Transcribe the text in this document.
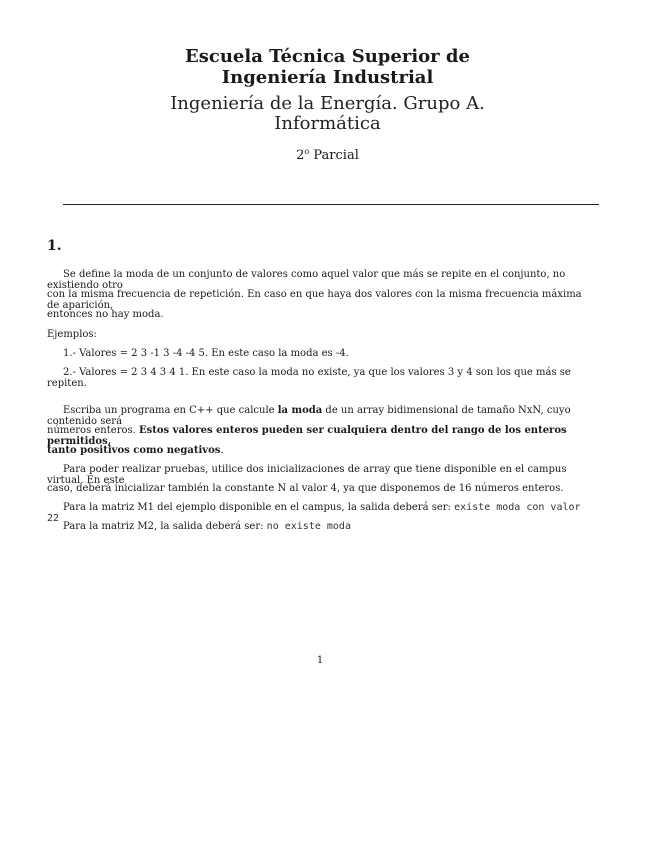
Escuela Técnica Superior de
Ingeniería Industrial
Ingeniería de la Energía. Grupo A.
Informática
2$^o$ Parcial
1.
Se define la moda de un conjunto de valores como aquel valor que más se repite en el conjunto, no existiendo otro
con la misma frecuencia de repetición. En caso en que haya dos valores con la misma frecuencia máxima de aparición,
entonces no hay moda.
Ejemplos:
1.- Valores = 2 3 -1 3 -4 -4 5. En este caso la moda es -4.
2.- Valores = 2 3 4 3 4 1. En este caso la moda no existe, ya que los valores 3 y 4 son los que más se repiten.
Escriba un programa en C++ que calcule la moda de un array bidimensional de tamaño NxN, cuyo contenido será
números enteros. Estos valores enteros pueden ser cualquiera dentro del rango de los enteros permitidos,
tanto positivos como negativos.
Para poder realizar pruebas, utilice dos inicializaciones de array que tiene disponible en el campus virtual. En este
caso, deberá inicializar también la constante N al valor 4, ya que disponemos de 16 números enteros.
Para la matriz M1 del ejemplo disponible en el campus, la salida deberá ser: existe moda con valor 22
Para la matriz M2, la salida deberá ser: no existe moda
1
